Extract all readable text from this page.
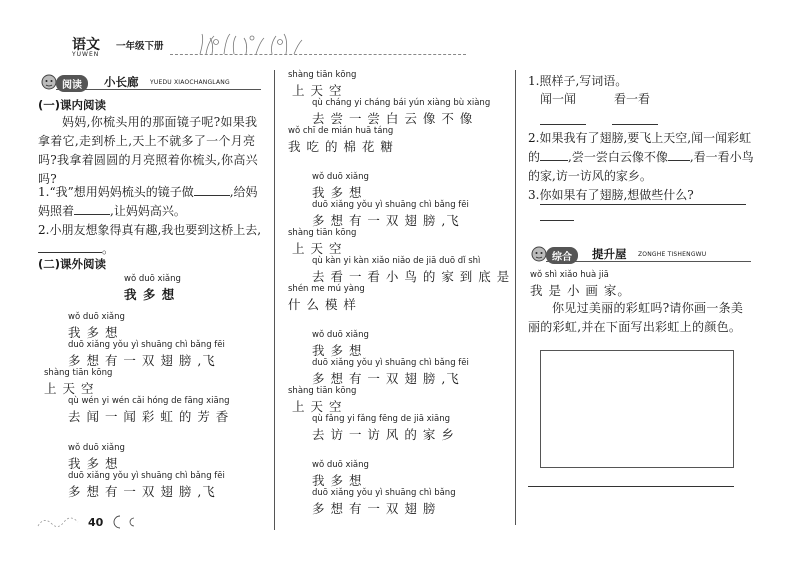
语文
YUWEN
一年级下册
阅读	小长廊 YUEDU XIAOCHANGLANG
(一)课内阅读
妈妈,你梳头用的那面镜子呢?如果我拿着它,走到桥上,天上不就多了一个月亮吗?我拿着圆圆的月亮照着你梳头,你高兴吗?
1.“我”想用妈妈梳头的镜子做	,给妈妈照着	,让妈妈高兴。
2.小朋友想象得真有趣,我也要到这桥上去,。
(二)课外阅读
wǒ duō xiǎng
我 多 想
wǒ duō xiǎng
我 多 想
duō xiǎng yǒu yì shuāng chì bǎng fēi
多 想 有 一 双 翅 膀 ,飞
shàng tiān kōng
上 天 空
qù wén yi wén cǎi hóng de fāng xiāng
去 闻 一 闻 彩 虹 的 芳 香
wǒ duō xiǎng
我 多 想
duō xiǎng yǒu yì shuāng chì bǎng fēi
多 想 有 一 双 翅 膀 ,飞
40
shàng tiān kōng
上 天 空
qù cháng yi cháng bái yún xiàng bù xiàng
去 尝 一 尝 白 云 像 不 像
wǒ chī de mián huā táng
我 吃 的 棉 花 糖
wǒ duō xiǎng
我 多 想
duō xiǎng yǒu yì shuāng chì bǎng fēi
多 想 有 一 双 翅 膀 ,飞
shàng tiān kōng
上 天 空
qù kàn yi kàn xiǎo niǎo de jiā duō dǐ shì
去 看 一 看 小 鸟 的 家 到 底 是
shén me mú yàng
什 么 模 样
wǒ duō xiǎng
我 多 想
duō xiǎng yǒu yì shuāng chì bǎng fēi
多 想 有 一 双 翅 膀 ,飞
shàng tiān kōng
上 天 空
qù fǎng yi fǎng fēng de jiā xiāng
去 访 一 访 风 的 家 乡
wǒ duō xiǎng
我 多 想
duō xiǎng yǒu yì shuāng chì bǎng
多 想 有 一 双 翅 膀
1.照样子,写词语。
闻一闻	看一看
2.如果我有了翅膀,要飞上天空,闻一闻彩虹的 ,尝一尝白云像不像 ,看一看小鸟的家,访一访风的家乡。
3.你如果有了翅膀,想做些什么?
综合	提升屋 ZONGHE TISHENGWU
wǒ shì xiǎo huà jiā
我 是 小 画 家。
你见过美丽的彩虹吗?请你画一条美丽的彩虹,并在下面写出彩虹上的颜色。
